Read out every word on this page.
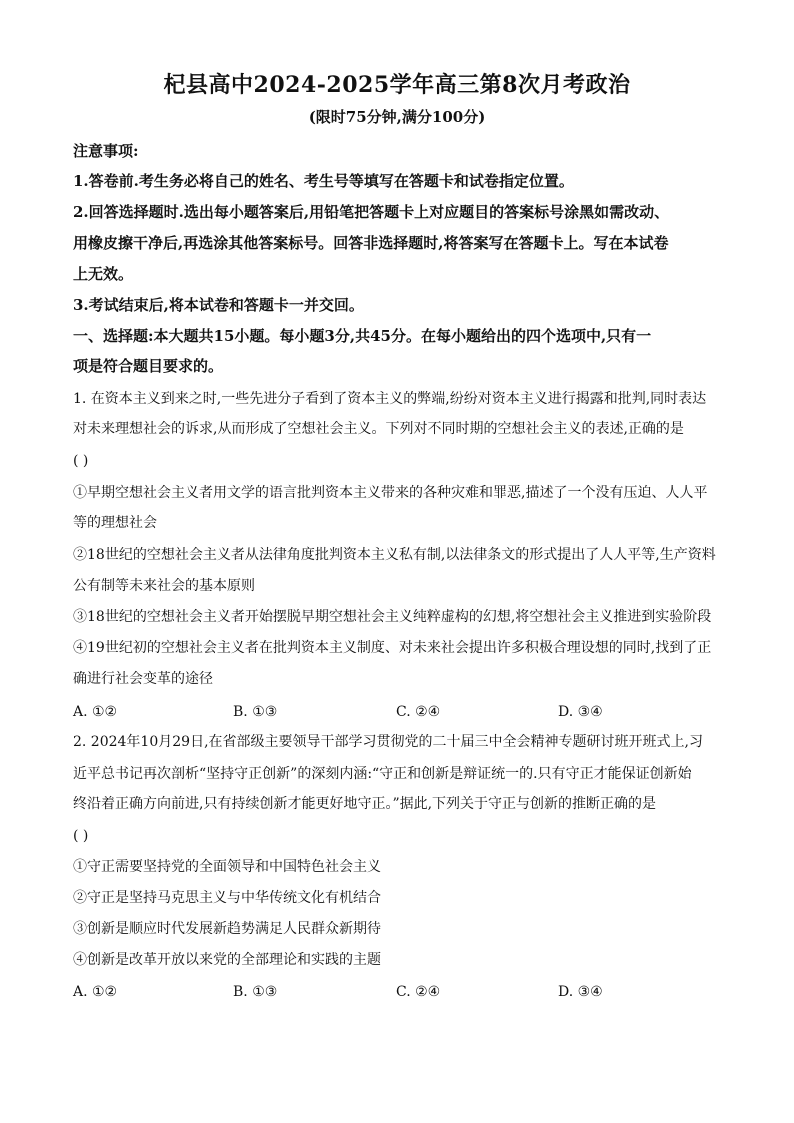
杞县高中2024-2025学年高三第8次月考政治
(限时75分钟,满分100分)
注意事项:
1.答卷前.考生务必将自己的姓名、考生号等填写在答题卡和试卷指定位置。
2.回答选择题时.选出每小题答案后,用铅笔把答题卡上对应题目的答案标号涂黑如需改动、
用橡皮擦干净后,再选涂其他答案标号。回答非选择题时,将答案写在答题卡上。写在本试卷
上无效。
3.考试结束后,将本试卷和答题卡一并交回。
一、选择题:本大题共15小题。每小题3分,共45分。在每小题给出的四个选项中,只有一
项是符合题目要求的。
1. 在资本主义到来之时,一些先进分子看到了资本主义的弊端,纷纷对资本主义进行揭露和批判,同时表达
对未来理想社会的诉求,从而形成了空想社会主义。下列对不同时期的空想社会主义的表述,正确的是
( )
①早期空想社会主义者用文学的语言批判资本主义带来的各种灾难和罪恶,描述了一个没有压迫、人人平
等的理想社会
②18世纪的空想社会主义者从法律角度批判资本主义私有制,以法律条文的形式提出了人人平等,生产资料
公有制等未来社会的基本原则
③18世纪的空想社会主义者开始摆脱早期空想社会主义纯粹虚构的幻想,将空想社会主义推进到实验阶段
④19世纪初的空想社会主义者在批判资本主义制度、对未来社会提出许多积极合理设想的同时,找到了正
确进行社会变革的途径
A. ①②	B. ①③	C. ②④	D. ③④
2. 2024年10月29日,在省部级主要领导干部学习贯彻党的二十届三中全会精神专题研讨班开班式上,习
近平总书记再次剖析“坚持守正创新”的深刻内涵:“守正和创新是辩证统一的.只有守正才能保证创新始
终沿着正确方向前进,只有持续创新才能更好地守正。”据此,下列关于守正与创新的推断正确的是
( )
①守正需要坚持党的全面领导和中国特色社会主义
②守正是坚持马克思主义与中华传统文化有机结合
③创新是顺应时代发展新趋势满足人民群众新期待
④创新是改革开放以来党的全部理论和实践的主题
A. ①②	B. ①③	C. ②④	D. ③④
